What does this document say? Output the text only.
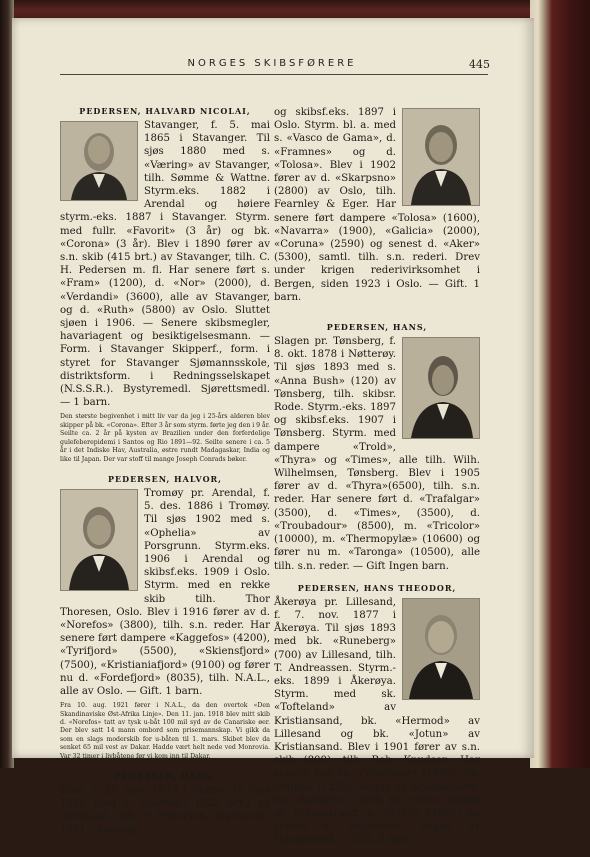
NORGES SKIBSFØRERE	445
PEDERSEN, HALVARD NICOLAI,

Stavanger, f. 5. mai 1865 i Stavanger. Til sjøs 1880 med s. «Væring» av Stavanger, tilh. Sømme & Wattne. Styrm.eks. 1882 i Arendal og høiere styrm.-eks. 1887 i Stavanger. Styrm. med fullr. «Favorit» (3 år) og bk. «Corona» (3 år). Blev i 1890 fører av s.n. skib (415 brt.) av Stavanger, tilh. C. H. Pedersen m. fl. Har senere ført s. «Fram» (1200), d. «Nor» (2000), d. «Verdandi» (3600), alle av Stavanger, og d. «Ruth» (5800) av Oslo. Sluttet sjøen i 1906. — Senere skibsmegler, havariagent og besiktigelsesmann. — Form. i Stavanger Skipperf., form. i styret for Stavanger Sjømannsskole, distriktsform. i Redningsselskapet (N.S.S.R.). Bystyremedl. Sjørettsmedl. — 1 barn.

Den største begivenhet i mitt liv var da jeg i 25-års alderen blev skipper på bk. «Corona». Efter 3 år som styrm. førte jeg den i 9 år. Seilte ca. 2 år på kysten av Brazilien under den forferdelige gulefeberepidemi i Santos og Rio 1891—92. Seilte senere i ca. 5 år i det Indiske Hav, Australia, østre rundt Madagaskar, India og like til Japan. Der var stoff til mange Joseph Conrads bøker.

PEDERSEN, HALVOR,

Tromøy pr. Arendal, f. 5. des. 1886 i Tromøy. Til sjøs 1902 med s. «Ophelia» av Porsgrunn. Styrm.eks. 1906 i Arendal og skibsf.eks. 1909 i Oslo. Styrm. med en rekke skib tilh. Thor Thoresen, Oslo. Blev i 1916 fører av d. «Norefos» (3800), tilh. s.n. reder. Har senere ført dampere «Kaggefos» (4200), «Tyrifjord» (5500), «Skiensfjord» (7500), «Kristianiafjord» (9100) og fører nu d. «Fordefjord» (8035), tilh. N.A.L., alle av Oslo. — Gift. 1 barn.

Fra 10. aug. 1921 fører i N.A.L., da den overtok «Den Skandinaviske Øst-Afrika Linje». Den 11. jan. 1918 blev mitt skib d. «Norefos» tatt av tysk u-båt 100 mil syd av de Canariske øer. Der blev satt 14 mann ombord som prisemannskap. Vi gikk da som en slags moderskib for u-båten til 1. mars. Skibet blev da senket 65 mil vest av Dakar. Hadde vært helt nede ved Monrovia. Var 32 timer i livbåtene før vi kom inn til Dakar.

PEDERSEN, HANS,

Oslo, f. 27. des. 1873 i Fjære. Til sjøs 1888 med s. «Sidney» (822 brt.) av Grimstad, tilh. P. Pedersen. Styrm.eks. 1891 i Arendal

og skibsf.eks. 1897 i Oslo. Styrm. bl. a. med s. «Vasco de Gama», d. «Framnes» og d. «Tolosa». Blev i 1902 fører av d. «Skarpsno» (2800) av Oslo, tilh. Fearnley & Eger. Har senere ført dampere «Tolosa» (1600), «Navarra» (1900), «Galicia» (2000), «Coruna» (2590) og senest d. «Aker» (5300), samtl. tilh. s.n. rederi. Drev under krigen rederivirksomhet i Bergen, siden 1923 i Oslo. — Gift. 1 barn.

PEDERSEN, HANS,

Slagen pr. Tønsberg, f. 8. okt. 1878 i Nøtterøy. Til sjøs 1893 med s. «Anna Bush» (120) av Tønsberg, tilh. skibsr. Rode. Styrm.-eks. 1897 og skibsf.eks. 1907 i Tønsberg. Styrm. med dampere «Trold», «Thyra» og «Times», alle tilh. Wilh. Wilhelmsen, Tønsberg. Blev i 1905 fører av d. «Thyra»(6500), tilh. s.n. reder. Har senere ført d. «Trafalgar» (3500), d. «Times», (3500), d. «Troubadour» (8500), m. «Tricolor» (10000), m. «Thermopylæ» (10600) og fører nu m. «Taronga» (10500), alle tilh. s.n. reder. — Gift Ingen barn.

PEDERSEN, HANS THEODOR,

Åkerøya pr. Lillesand, f. 7. nov. 1877 i Åkerøya. Til sjøs 1893 med bk. «Runeberg» (700) av Lillesand, tilh. T. Andreassen. Styrm.-eks. 1899 i Åkerøya. Styrm. med sk. «Tofteland» av Kristiansand, bk. «Hermod» av Lillesand og bk. «Jotun» av Kristiansand. Blev i 1901 fører av s.n. skib (800), tilh. Rob. Knudsen. Har senere ført bk. «Wayfarer» (1000), bk. «Mimi» (1250), begge av Kristiansand, bk. «Norden» (1650), bk. «Trio», begge av Tvedestrand, d. «Frey» (4800) og senest d. «Fjorden», begge av Haugesund. — Gift. 3 barn.
